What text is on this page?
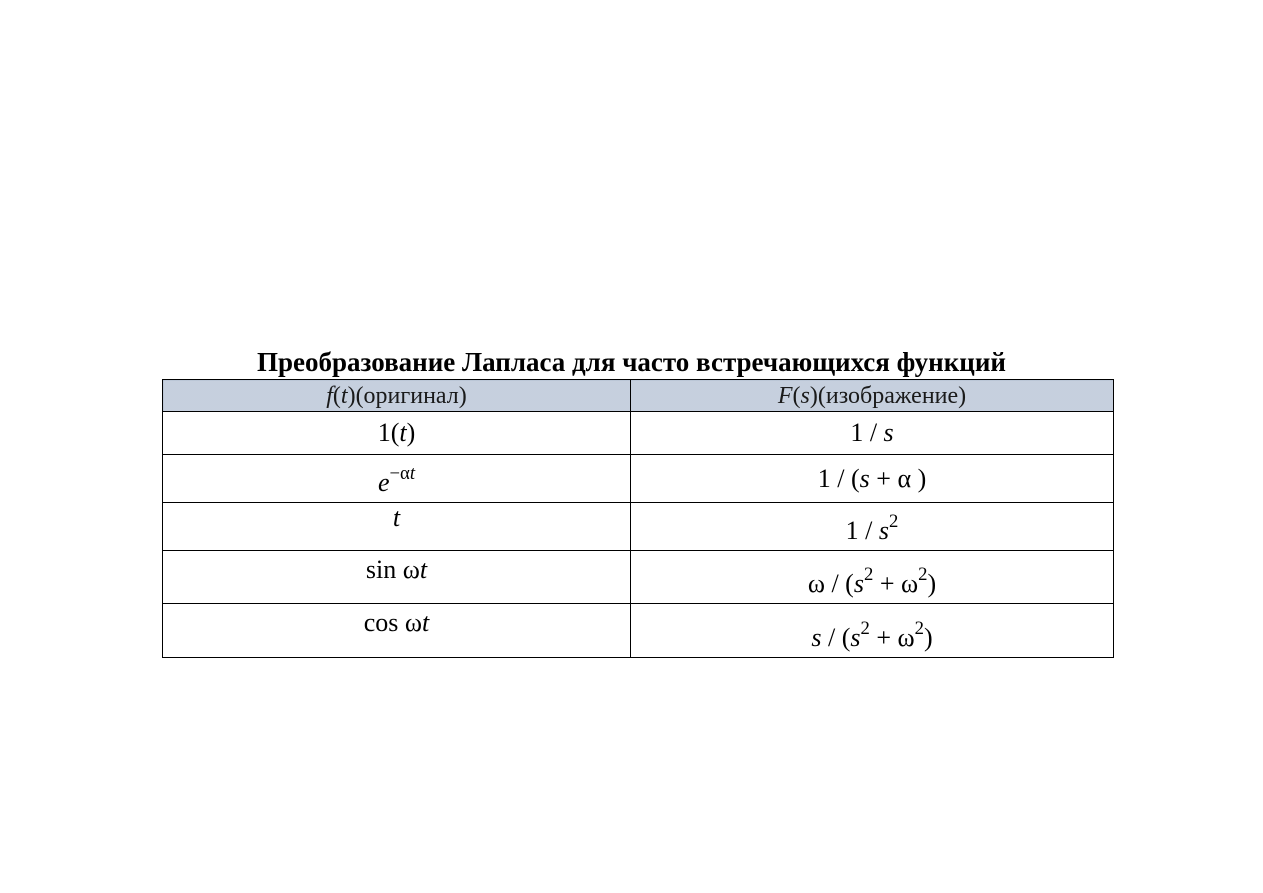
Преобразование Лапласа для часто встречающихся функций
f(t)(оригинал)	F(s)(изображение)
1(t)	1 / s
$e^{-\alpha t}$	1 / (s + α )
t	$1 / s^2$
sin ωt	$\omega / (s^2 + \omega^2)$
cos ωt	$s / (s^2 + \omega^2)$
